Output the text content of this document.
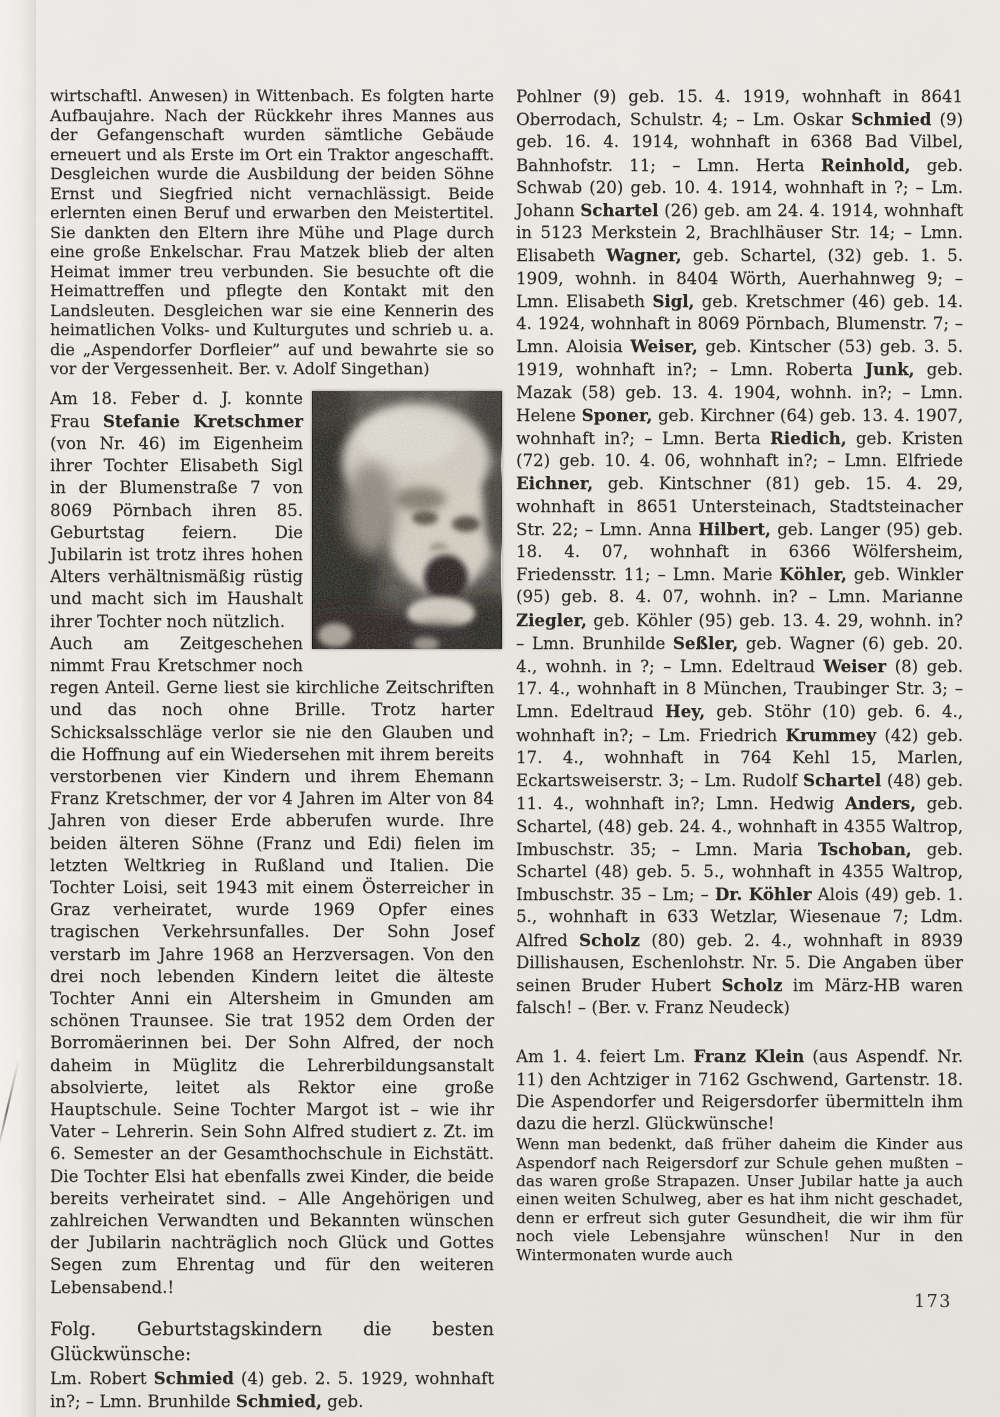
wirtschaftl. Anwesen) in Wittenbach. Es folgten harte Aufbaujahre. Nach der Rückkehr ihres Mannes aus der Gefangenschaft wurden sämtliche Gebäude erneuert und als Erste im Ort ein Traktor angeschafft. Desgleichen wurde die Ausbildung der beiden Söhne Ernst und Siegfried nicht vernachlässigt. Beide erlernten einen Beruf und erwarben den Meistertitel. Sie dankten den Eltern ihre Mühe und Plage durch eine große Enkelschar. Frau Matzek blieb der alten Heimat immer treu verbunden. Sie besuchte oft die Heimattreffen und pflegte den Kontakt mit den Landsleuten. Desgleichen war sie eine Kennerin des heimatlichen Volks- und Kulturgutes und schrieb u. a. die „Aspendorfer Dorfleier” auf und bewahrte sie so vor der Vergessenheit. Ber. v. Adolf Singethan)

Am 18. Feber d. J. konnte Frau Stefanie Kretschmer (von Nr. 46) im Eigenheim ihrer Tochter Elisabeth Sigl in der Blumenstraße 7 von 8069 Pörnbach ihren 85. Geburtstag feiern. Die Jubilarin ist trotz ihres hohen Alters verhältnismäßig rüstig und macht sich im Haushalt ihrer Tochter noch nützlich.

Auch am Zeitgeschehen nimmt Frau Kretschmer noch regen Anteil. Gerne liest sie kirchliche Zeitschriften und das noch ohne Brille. Trotz harter Schicksalsschläge verlor sie nie den Glauben und die Hoffnung auf ein Wiedersehen mit ihrem bereits verstorbenen vier Kindern und ihrem Ehemann Franz Kretschmer, der vor 4 Jahren im Alter von 84 Jahren von dieser Erde abberufen wurde. Ihre beiden älteren Söhne (Franz und Edi) fielen im letzten Weltkrieg in Rußland und Italien. Die Tochter Loisi, seit 1943 mit einem Österreicher in Graz verheiratet, wurde 1969 Opfer eines tragischen Verkehrsunfalles. Der Sohn Josef verstarb im Jahre 1968 an Herzversagen. Von den drei noch lebenden Kindern leitet die älteste Tochter Anni ein Altersheim in Gmunden am schönen Traunsee. Sie trat 1952 dem Orden der Borromäerinnen bei. Der Sohn Alfred, der noch daheim in Müglitz die Lehrerbildungsanstalt absolvierte, leitet als Rektor eine große Hauptschule. Seine Tochter Margot ist – wie ihr Vater – Lehrerin. Sein Sohn Alfred studiert z. Zt. im 6. Semester an der Gesamthochschule in Eichstätt. Die Tochter Elsi hat ebenfalls zwei Kinder, die beide bereits verheiratet sind. – Alle Angehörigen und zahlreichen Verwandten und Bekannten wünschen der Jubilarin nachträglich noch Glück und Gottes Segen zum Ehrentag und für den weiteren Lebensabend.!

Folg. Geburtstagskindern die besten Glückwünsche:

Lm. Robert Schmied (4) geb. 2. 5. 1929, wohnhaft in?; – Lmn. Brunhilde Schmied, geb.

Pohlner (9) geb. 15. 4. 1919, wohnhaft in 8641 Oberrodach, Schulstr. 4; – Lm. Oskar Schmied (9) geb. 16. 4. 1914, wohnhaft in 6368 Bad Vilbel, Bahnhofstr. 11; – Lmn. Herta Reinhold, geb. Schwab (20) geb. 10. 4. 1914, wohnhaft in ?; – Lm. Johann Schartel (26) geb. am 24. 4. 1914, wohnhaft in 5123 Merkstein 2, Brachlhäuser Str. 14; – Lmn. Elisabeth Wagner, geb. Schartel, (32) geb. 1. 5. 1909, wohnh. in 8404 Wörth, Auerhahnweg 9; – Lmn. Elisabeth Sigl, geb. Kretschmer (46) geb. 14. 4. 1924, wohnhaft in 8069 Pörnbach, Blumenstr. 7; – Lmn. Aloisia Weiser, geb. Kintscher (53) geb. 3. 5. 1919, wohnhaft in?; – Lmn. Roberta Junk, geb. Mazak (58) geb. 13. 4. 1904, wohnh. in?; – Lmn. Helene Sponer, geb. Kirchner (64) geb. 13. 4. 1907, wohnhaft in?; – Lmn. Berta Riedich, geb. Kristen (72) geb. 10. 4. 06, wohnhaft in?; – Lmn. Elfriede Eichner, geb. Kintschner (81) geb. 15. 4. 29, wohnhaft in 8651 Untersteinach, Stadtsteinacher Str. 22; – Lmn. Anna Hilbert, geb. Langer (95) geb. 18. 4. 07, wohnhaft in 6366 Wölfersheim, Friedensstr. 11; – Lmn. Marie Köhler, geb. Winkler (95) geb. 8. 4. 07, wohnh. in? – Lmn. Marianne Ziegler, geb. Köhler (95) geb. 13. 4. 29, wohnh. in? – Lmn. Brunhilde Seßler, geb. Wagner (6) geb. 20. 4., wohnh. in ?; – Lmn. Edeltraud Weiser (8) geb. 17. 4., wohnhaft in 8 München, Traubinger Str. 3; – Lmn. Edeltraud Hey, geb. Stöhr (10) geb. 6. 4., wohnhaft in?; – Lm. Friedrich Krummey (42) geb. 17. 4., wohnhaft in 764 Kehl 15, Marlen, Eckartsweiserstr. 3; – Lm. Rudolf Schartel (48) geb. 11. 4., wohnhaft in?; Lmn. Hedwig Anders, geb. Schartel, (48) geb. 24. 4., wohnhaft in 4355 Waltrop, Imbuschstr. 35; – Lmn. Maria Tschoban, geb. Schartel (48) geb. 5. 5., wohnhaft in 4355 Waltrop, Imbuschstr. 35 – Lm; – Dr. Köhler Alois (49) geb. 1. 5., wohnhaft in 633 Wetzlar, Wiesenaue 7; Ldm. Alfred Scholz (80) geb. 2. 4., wohnhaft in 8939 Dillishausen, Eschenlohstr. Nr. 5. Die Angaben über seinen Bruder Hubert Scholz im März-HB waren falsch! – (Ber. v. Franz Neudeck)

Am 1. 4. feiert Lm. Franz Klein (aus Aspendf. Nr. 11) den Achtziger in 7162 Gschwend, Gartenstr. 18. Die Aspendorfer und Reigersdorfer übermitteln ihm dazu die herzl. Glückwünsche!

Wenn man bedenkt, daß früher daheim die Kinder aus Aspendorf nach Reigersdorf zur Schule gehen mußten – das waren große Strapazen. Unser Jubilar hatte ja auch einen weiten Schulweg, aber es hat ihm nicht geschadet, denn er erfreut sich guter Gesundheit, die wir ihm für noch viele Lebensjahre wünschen! Nur in den Wintermonaten wurde auch

173
